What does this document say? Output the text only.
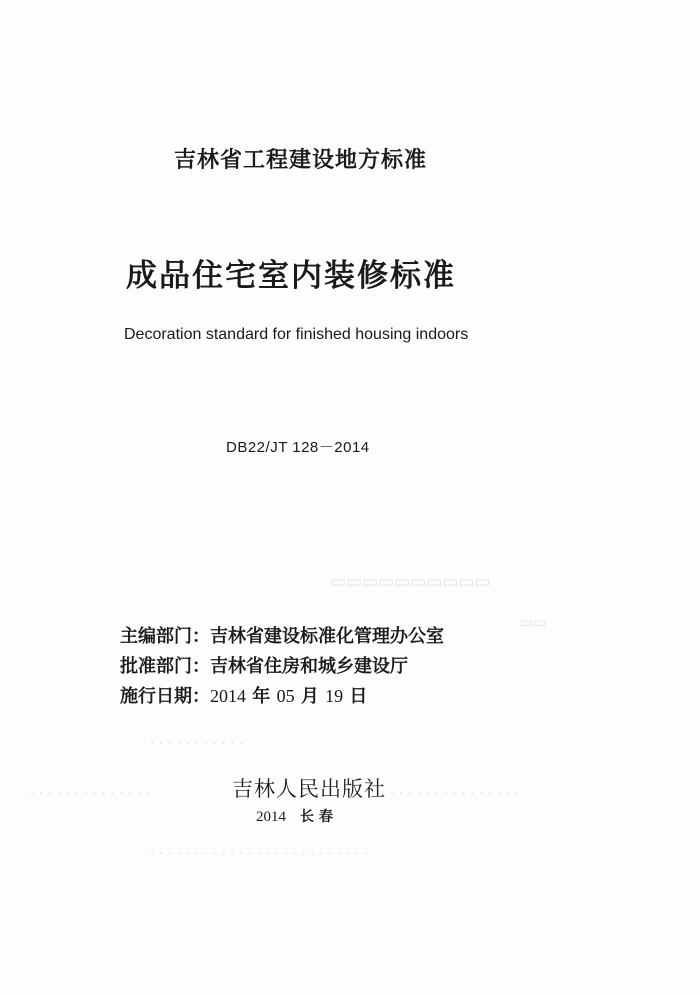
▭▭▭▭▭▭▭▭▭▭
▭▭
· · · · · · · · · · ·
· · · · · · · · · · · · · ·	· · · · · · · · · · · · · · ·
· · · · · · · · · · · · · · · · · · · · · · · · ·
吉林省工程建设地方标准
成品住宅室内装修标准
Decoration standard for finished housing indoors
DB22/JT 128－2014
主编部门：吉林省建设标准化管理办公室
批准部门：吉林省住房和城乡建设厅
施行日期：2014 年 05 月 19 日
吉林人民出版社
2014 长 春
